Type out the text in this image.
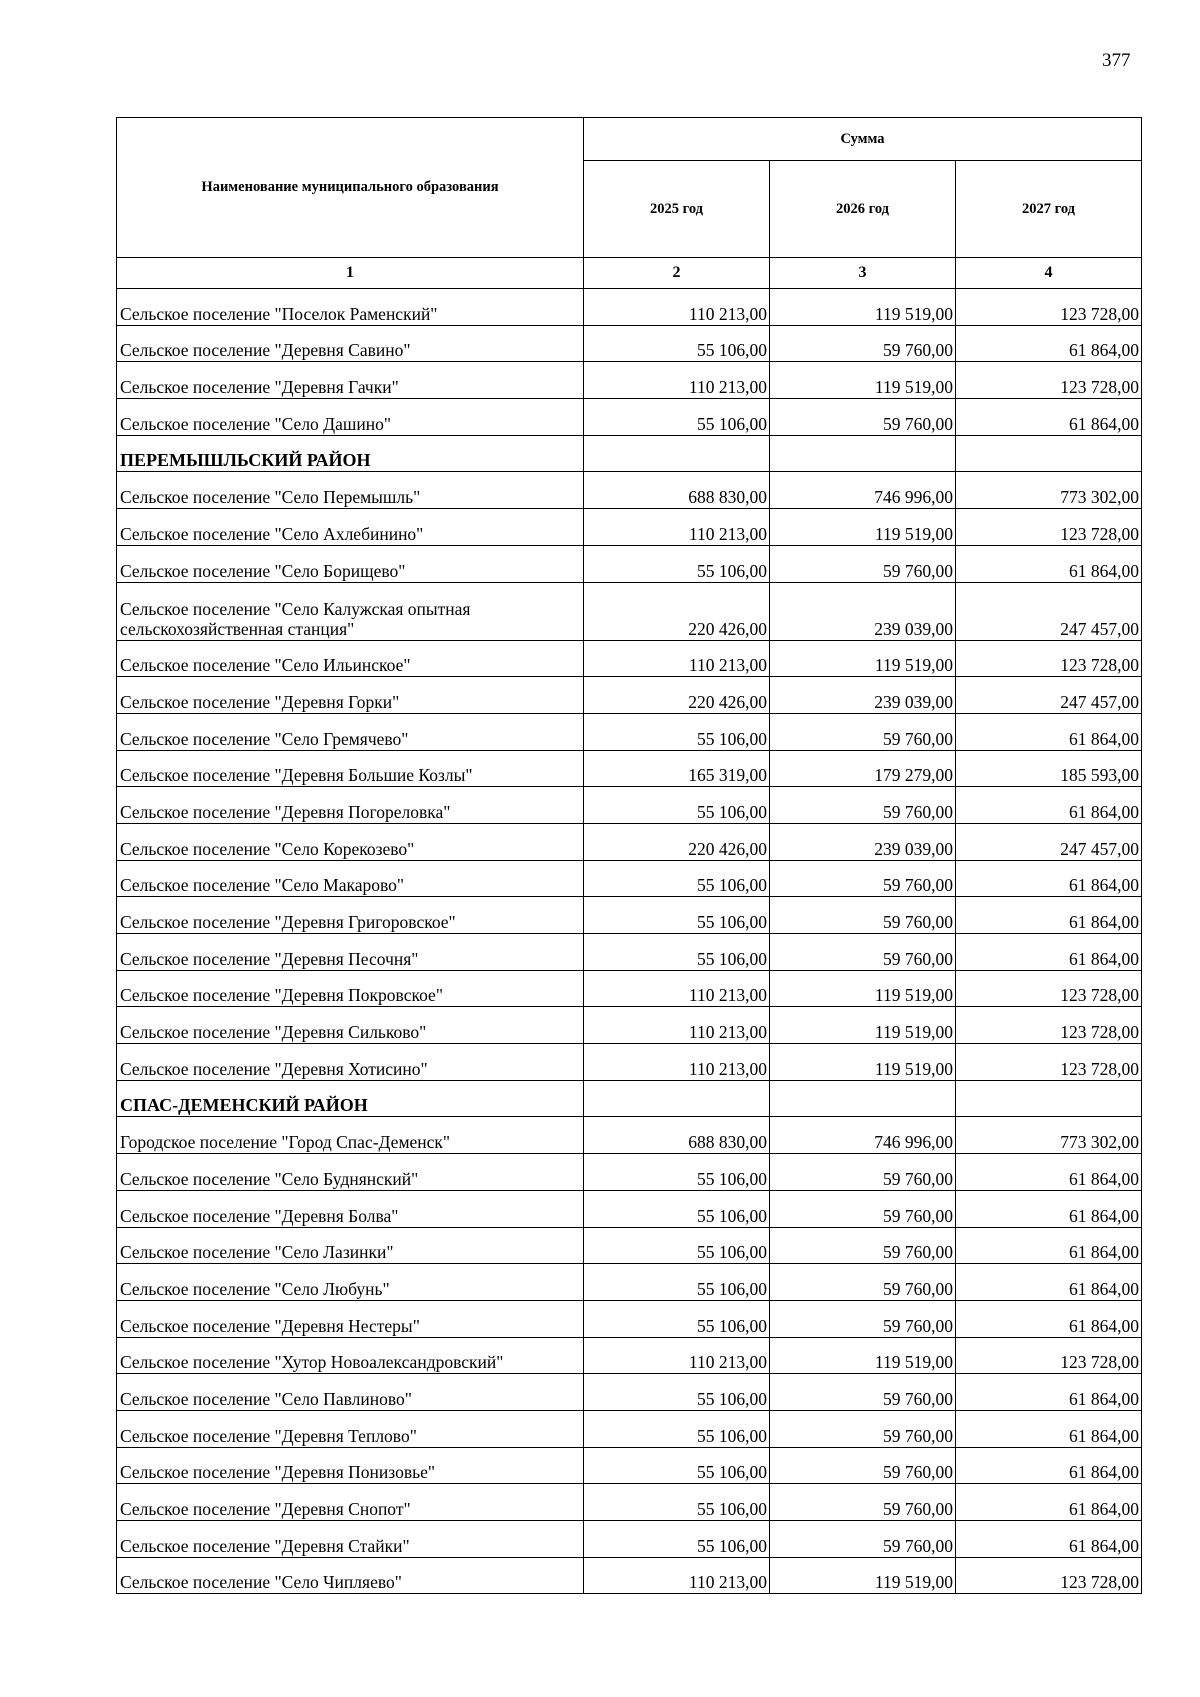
377
Наименование муниципального образования	Сумма		
	2025 год	2026 год	2027 год
1	2	3	4
Сельское поселение "Поселок Раменский"	110 213,00	119 519,00	123 728,00
Сельское поселение "Деревня Савино"	55 106,00	59 760,00	61 864,00
Сельское поселение "Деревня Гачки"	110 213,00	119 519,00	123 728,00
Сельское поселение "Село Дашино"	55 106,00	59 760,00	61 864,00
ПЕРЕМЫШЛЬСКИЙ РАЙОН			
Сельское поселение "Село Перемышль"	688 830,00	746 996,00	773 302,00
Сельское поселение "Село Ахлебинино"	110 213,00	119 519,00	123 728,00
Сельское поселение "Село Борищево"	55 106,00	59 760,00	61 864,00
Сельское поселение "Село Калужская опытная сельскохозяйственная станция"	220 426,00	239 039,00	247 457,00
Сельское поселение "Село Ильинское"	110 213,00	119 519,00	123 728,00
Сельское поселение "Деревня Горки"	220 426,00	239 039,00	247 457,00
Сельское поселение "Село Гремячево"	55 106,00	59 760,00	61 864,00
Сельское поселение "Деревня Большие Козлы"	165 319,00	179 279,00	185 593,00
Сельское поселение "Деревня Погореловка"	55 106,00	59 760,00	61 864,00
Сельское поселение "Село Корекозево"	220 426,00	239 039,00	247 457,00
Сельское поселение "Село Макарово"	55 106,00	59 760,00	61 864,00
Сельское поселение "Деревня Григоровское"	55 106,00	59 760,00	61 864,00
Сельское поселение "Деревня Песочня"	55 106,00	59 760,00	61 864,00
Сельское поселение "Деревня Покровское"	110 213,00	119 519,00	123 728,00
Сельское поселение "Деревня Сильково"	110 213,00	119 519,00	123 728,00
Сельское поселение "Деревня Хотисино"	110 213,00	119 519,00	123 728,00
СПАС-ДЕМЕНСКИЙ РАЙОН			
Городское поселение "Город Спас-Деменск"	688 830,00	746 996,00	773 302,00
Сельское поселение "Село Буднянский"	55 106,00	59 760,00	61 864,00
Сельское поселение "Деревня Болва"	55 106,00	59 760,00	61 864,00
Сельское поселение "Село Лазинки"	55 106,00	59 760,00	61 864,00
Сельское поселение "Село Любунь"	55 106,00	59 760,00	61 864,00
Сельское поселение "Деревня Нестеры"	55 106,00	59 760,00	61 864,00
Сельское поселение "Хутор Новоалександровский"	110 213,00	119 519,00	123 728,00
Сельское поселение "Село Павлиново"	55 106,00	59 760,00	61 864,00
Сельское поселение "Деревня Теплово"	55 106,00	59 760,00	61 864,00
Сельское поселение "Деревня Понизовье"	55 106,00	59 760,00	61 864,00
Сельское поселение "Деревня Снопот"	55 106,00	59 760,00	61 864,00
Сельское поселение "Деревня Стайки"	55 106,00	59 760,00	61 864,00
Сельское поселение "Село Чипляево"	110 213,00	119 519,00	123 728,00
